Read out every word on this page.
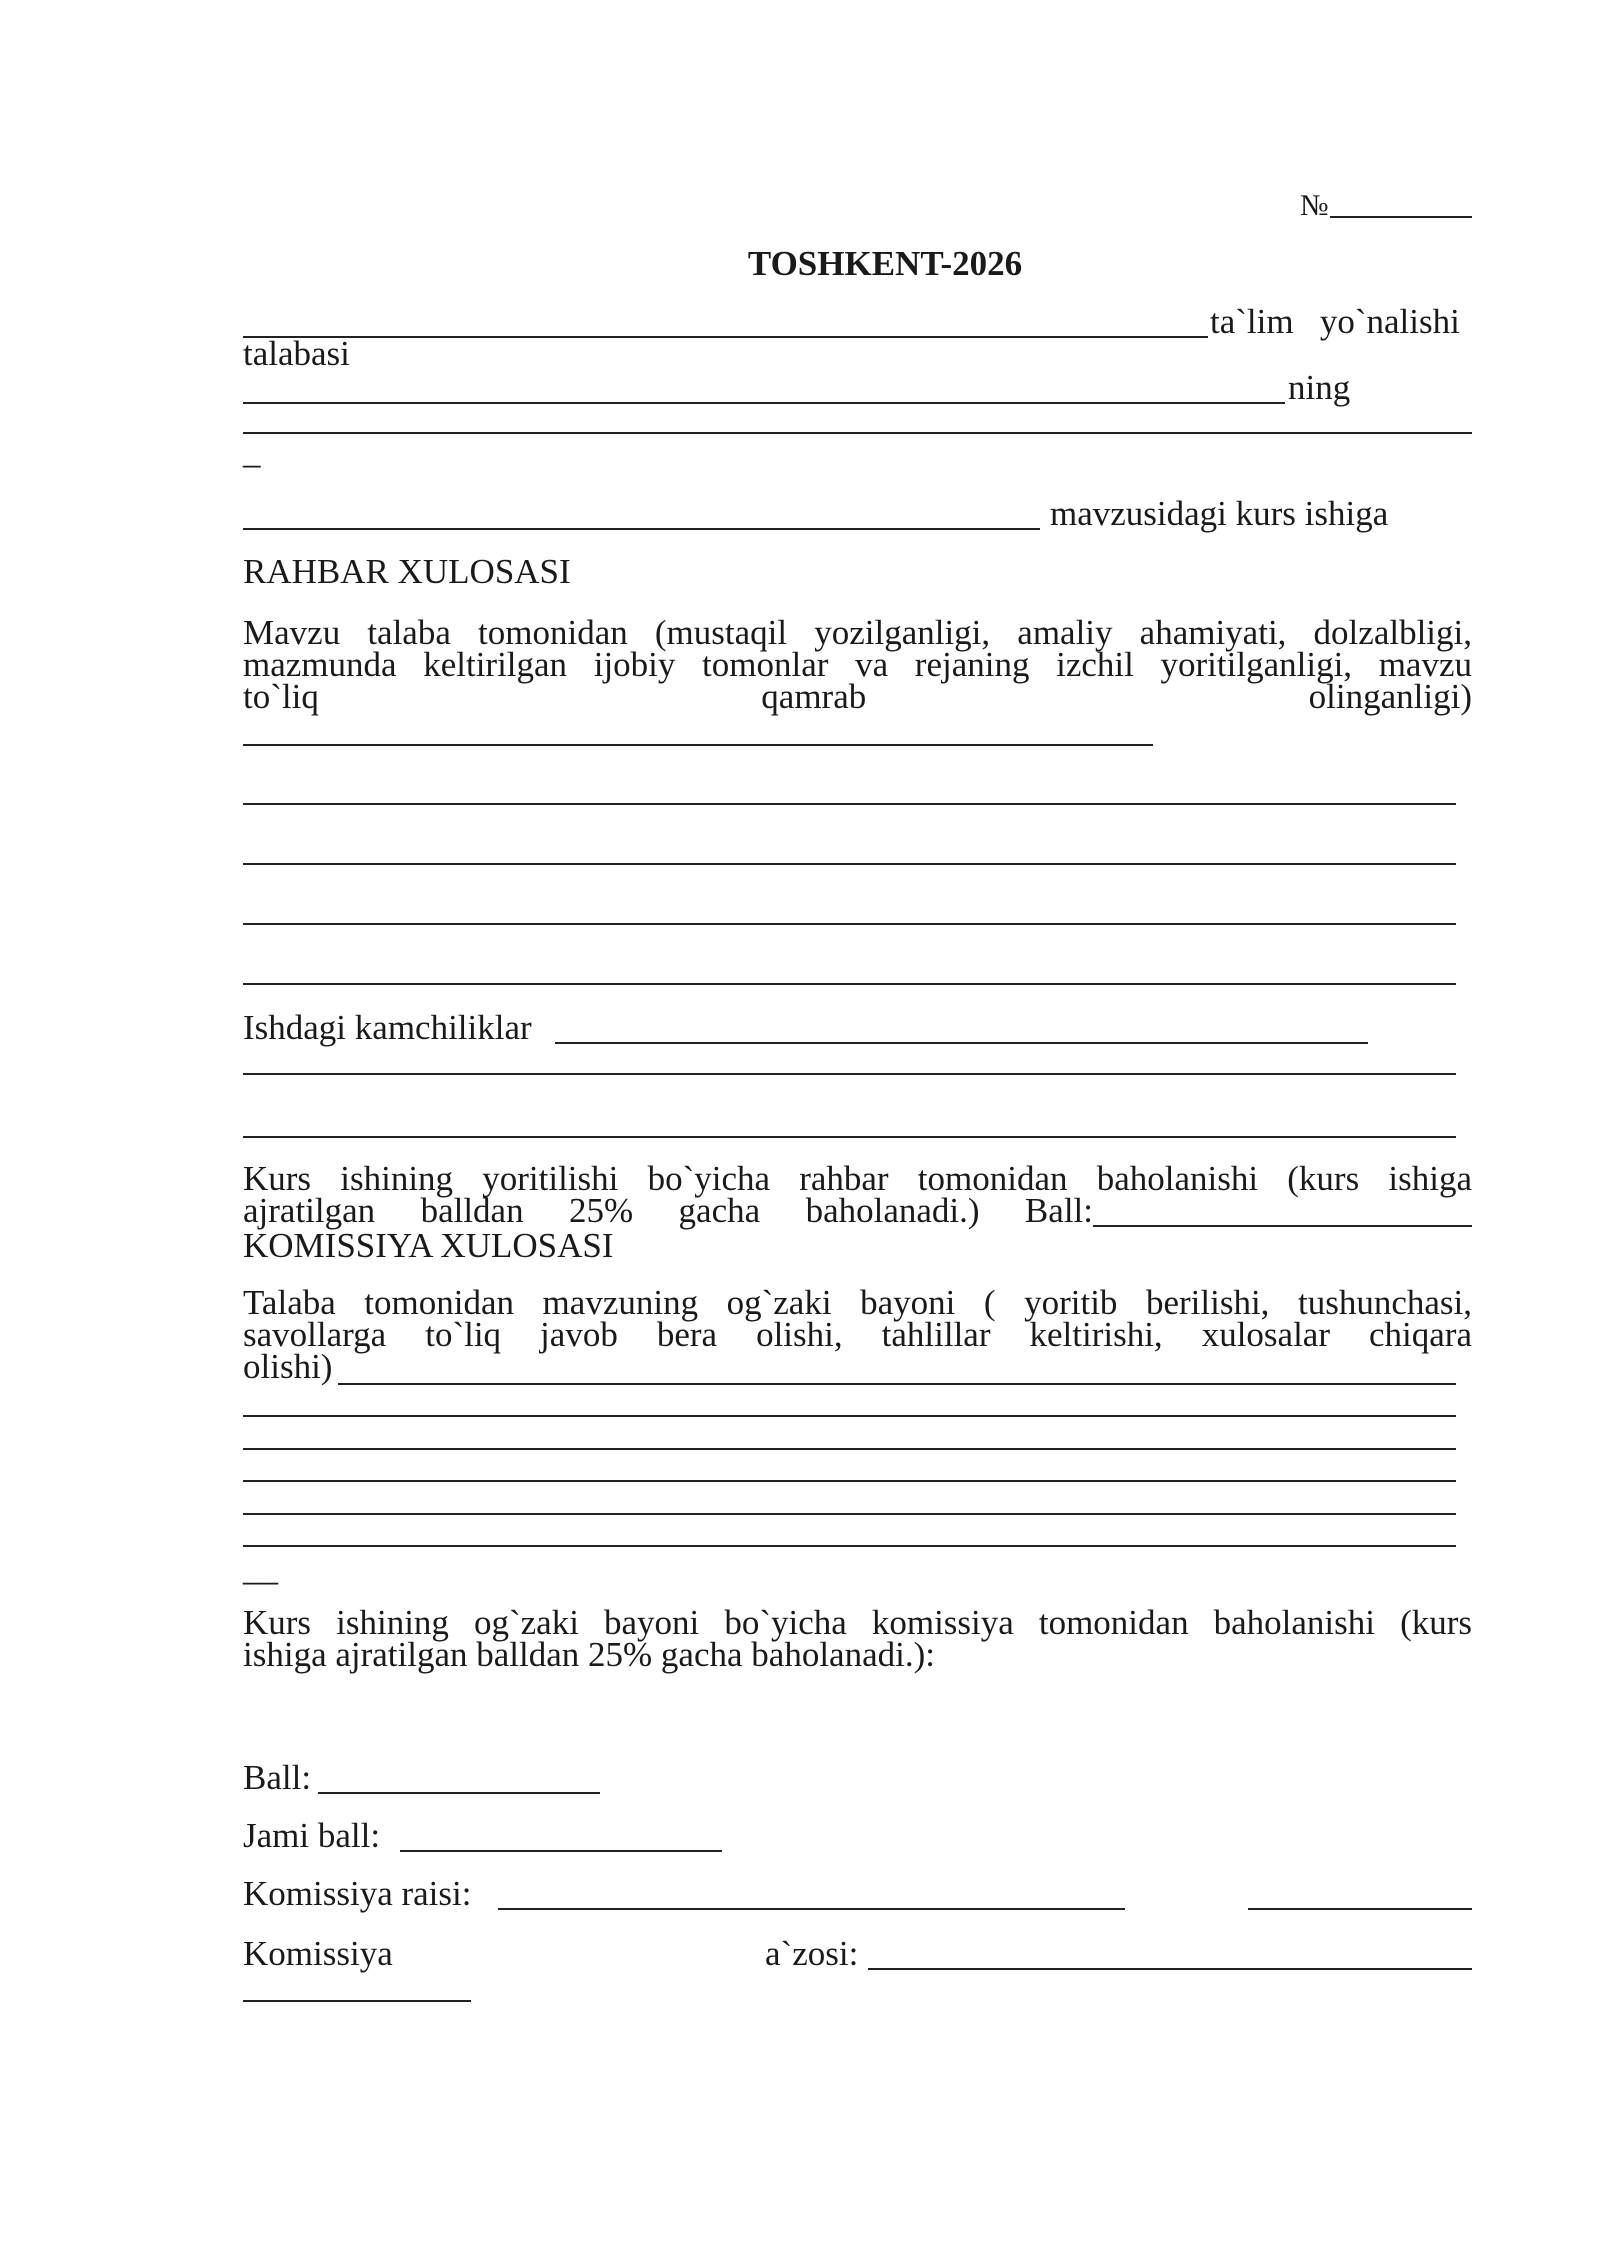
№
TOSHKENT-2026
ta`lim   yo`nalishi
talabasi
ning
_
mavzusidagi kurs ishiga
RAHBAR XULOSASI
Mavzu talaba tomonidan (mustaqil yozilganligi, amaliy ahamiyati, dolzalbligi,
mazmunda keltirilgan ijobiy tomonlar va rejaning izchil yoritilganligi, mavzu
to`liq qamrab olinganligi)
Ishdagi kamchiliklar
Kurs ishining yoritilishi bo`yicha rahbar tomonidan baholanishi (kurs ishiga
ajratilgan balldan 25% gacha baholanadi.) Ball:
KOMISSIYA XULOSASI
Talaba tomonidan mavzuning og`zaki bayoni ( yoritib berilishi, tushunchasi,
savollarga to`liq javob bera olishi, tahlillar keltirishi, xulosalar chiqara
olishi)
__
Kurs ishining og`zaki bayoni bo`yicha komissiya tomonidan baholanishi (kurs
ishiga ajratilgan balldan 25% gacha baholanadi.):
Ball:
Jami ball:
Komissiya raisi:
Komissiya	a`zosi:
